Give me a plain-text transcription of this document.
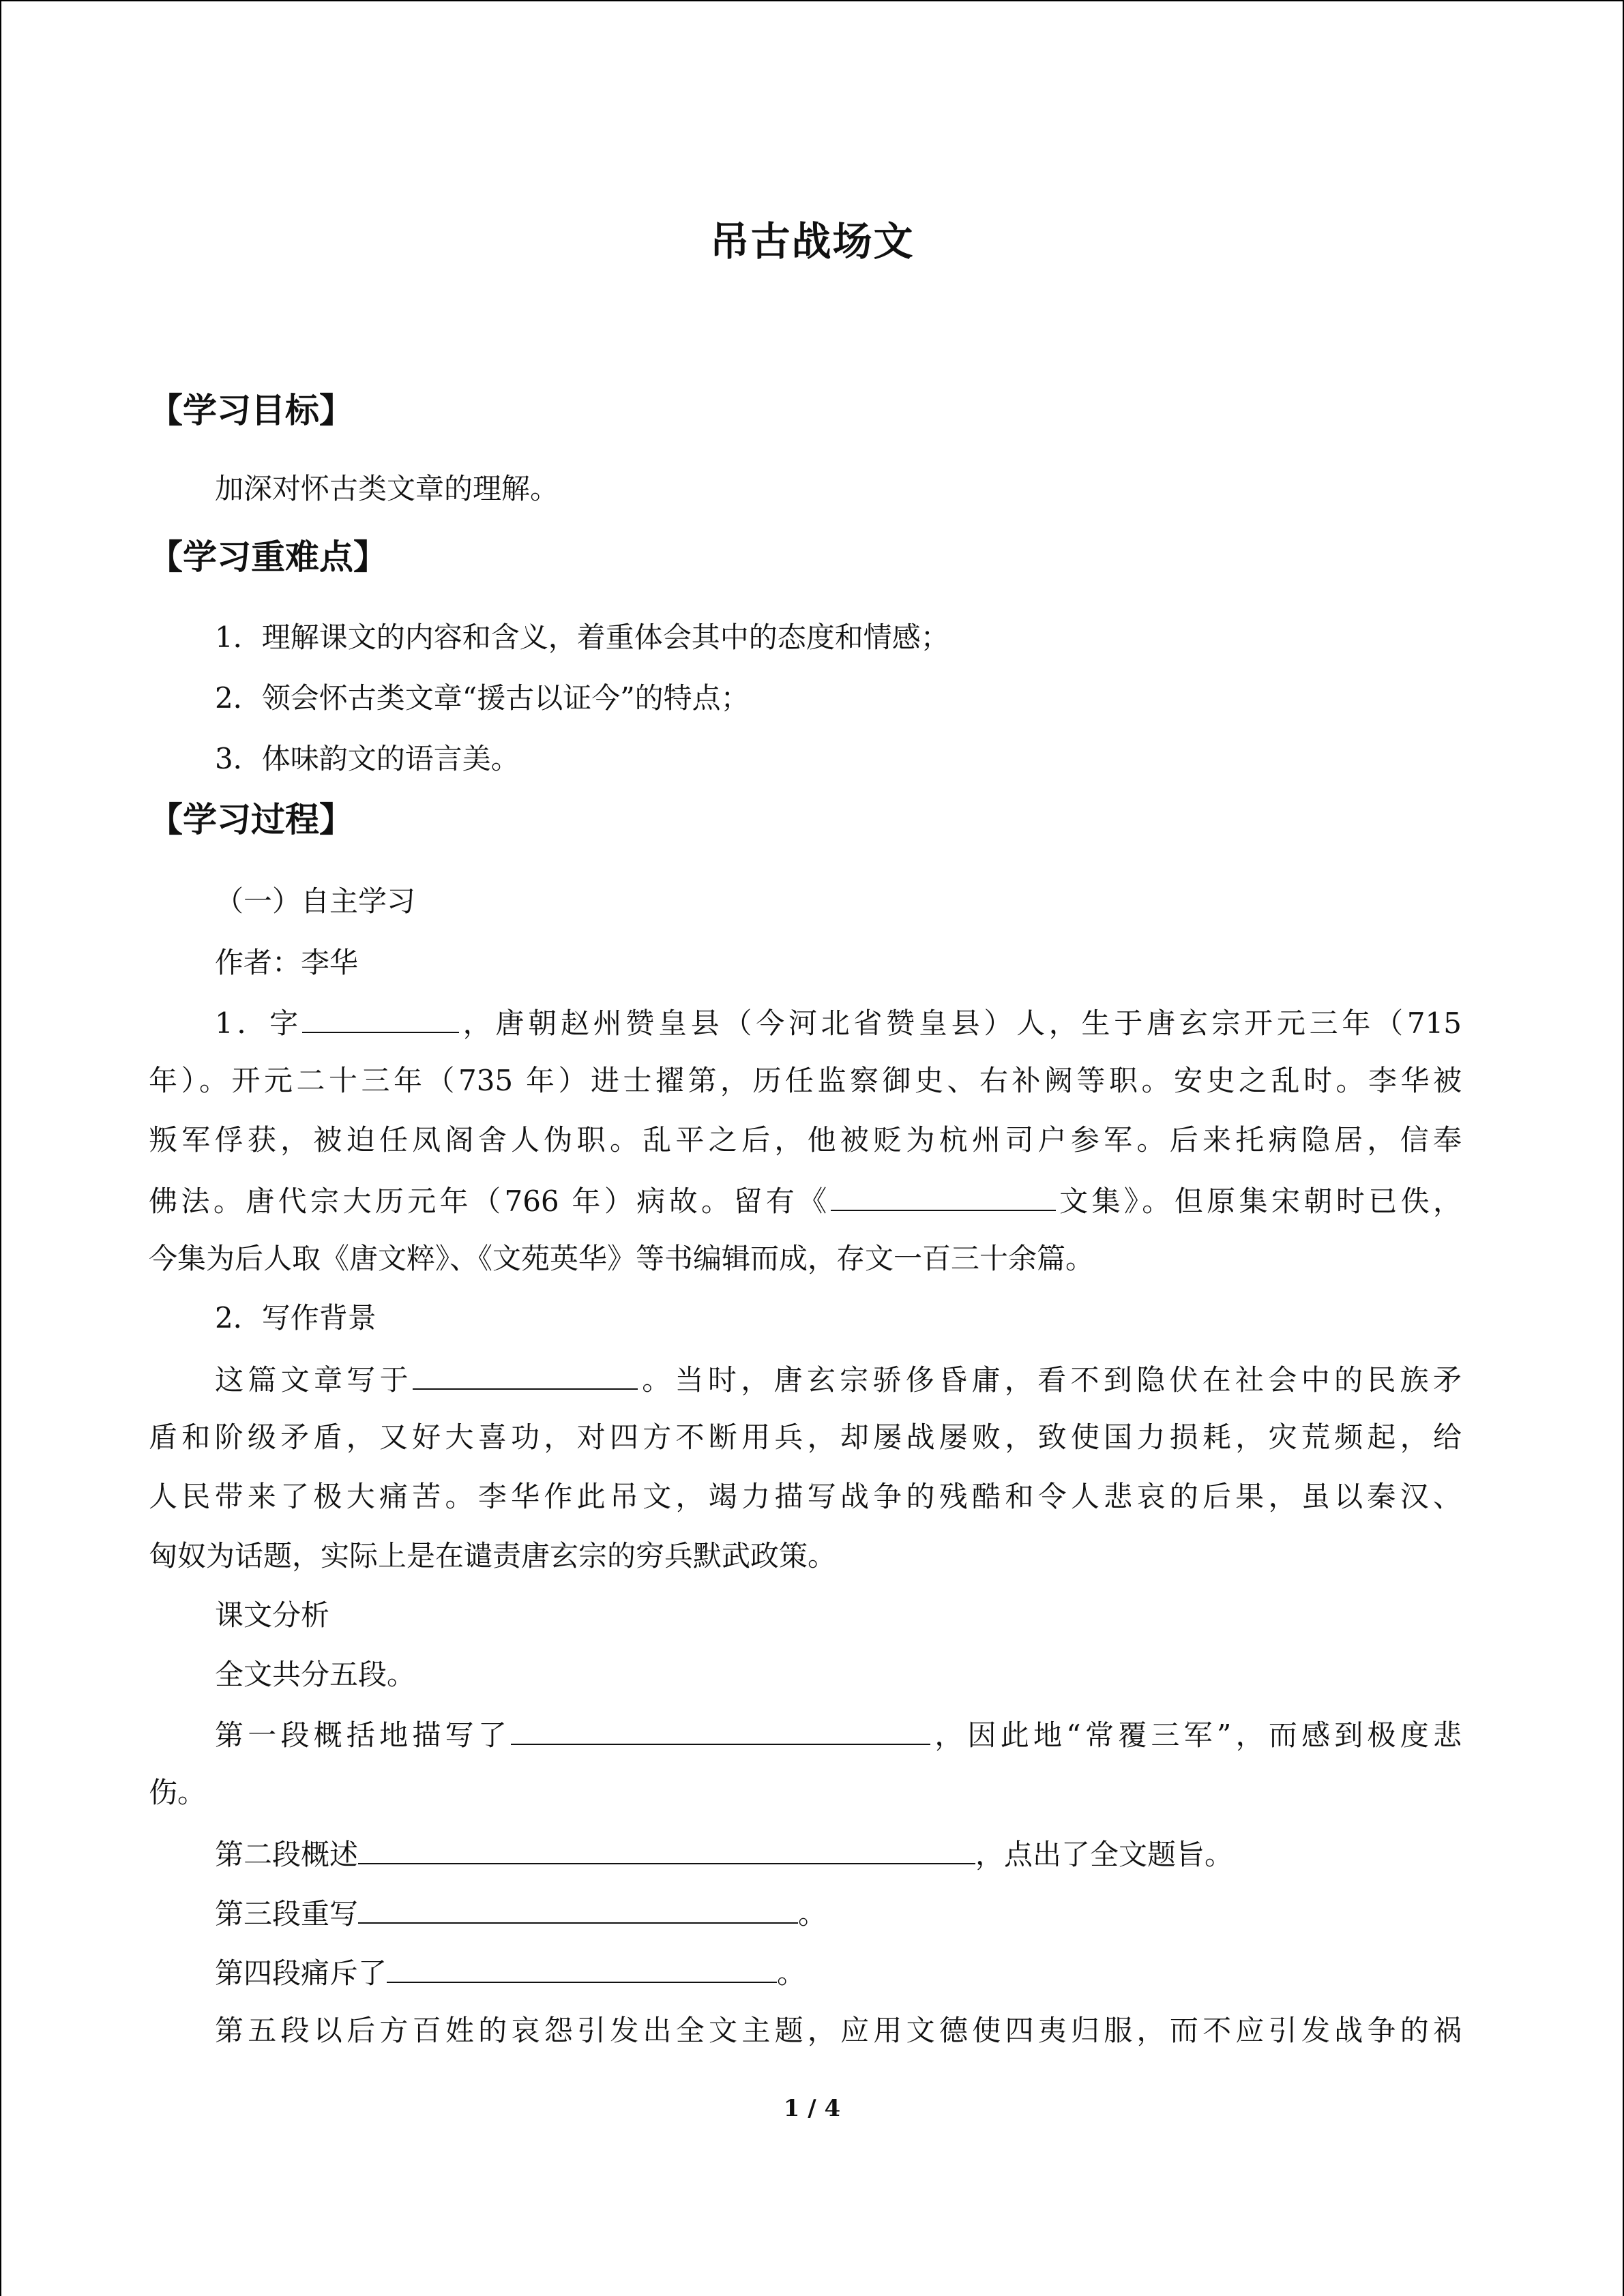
吊古战场文
【学习目标】
加深对怀古类文章的理解。
【学习重难点】
1．理解课文的内容和含义，着重体会其中的态度和情感；
2．领会怀古类文章“援古以证今”的特点；
3．体味韵文的语言美。
【学习过程】
（一）自主学习
作者：李华
1．字	，唐朝赵州赞皇县（今河北省赞皇县）人，生于唐玄宗开元三年（715
年）。开元二十三年（735 年）进士擢第，历任监察御史、右补阙等职。安史之乱时。李华被
叛军俘获，被迫任凤阁舍人伪职。乱平之后，他被贬为杭州司户参军。后来托病隐居，信奉
佛法。唐代宗大历元年（766 年）病故。留有《	文集》。但原集宋朝时已佚，
今集为后人取《唐文粹》、《文苑英华》等书编辑而成，存文一百三十余篇。
2．写作背景
这篇文章写于	。当时，唐玄宗骄侈昏庸，看不到隐伏在社会中的民族矛
盾和阶级矛盾，又好大喜功，对四方不断用兵，却屡战屡败，致使国力损耗，灾荒频起，给
人民带来了极大痛苦。李华作此吊文，竭力描写战争的残酷和令人悲哀的后果，虽以秦汉、
匈奴为话题，实际上是在谴责唐玄宗的穷兵默武政策。
课文分析
全文共分五段。
第一段概括地描写了	，因此地“常覆三军”，而感到极度悲
伤。
第二段概述	，点出了全文题旨。
第三段重写	。
第四段痛斥了	。
第五段以后方百姓的哀怨引发出全文主题，应用文德使四夷归服，而不应引发战争的祸
1 / 4
